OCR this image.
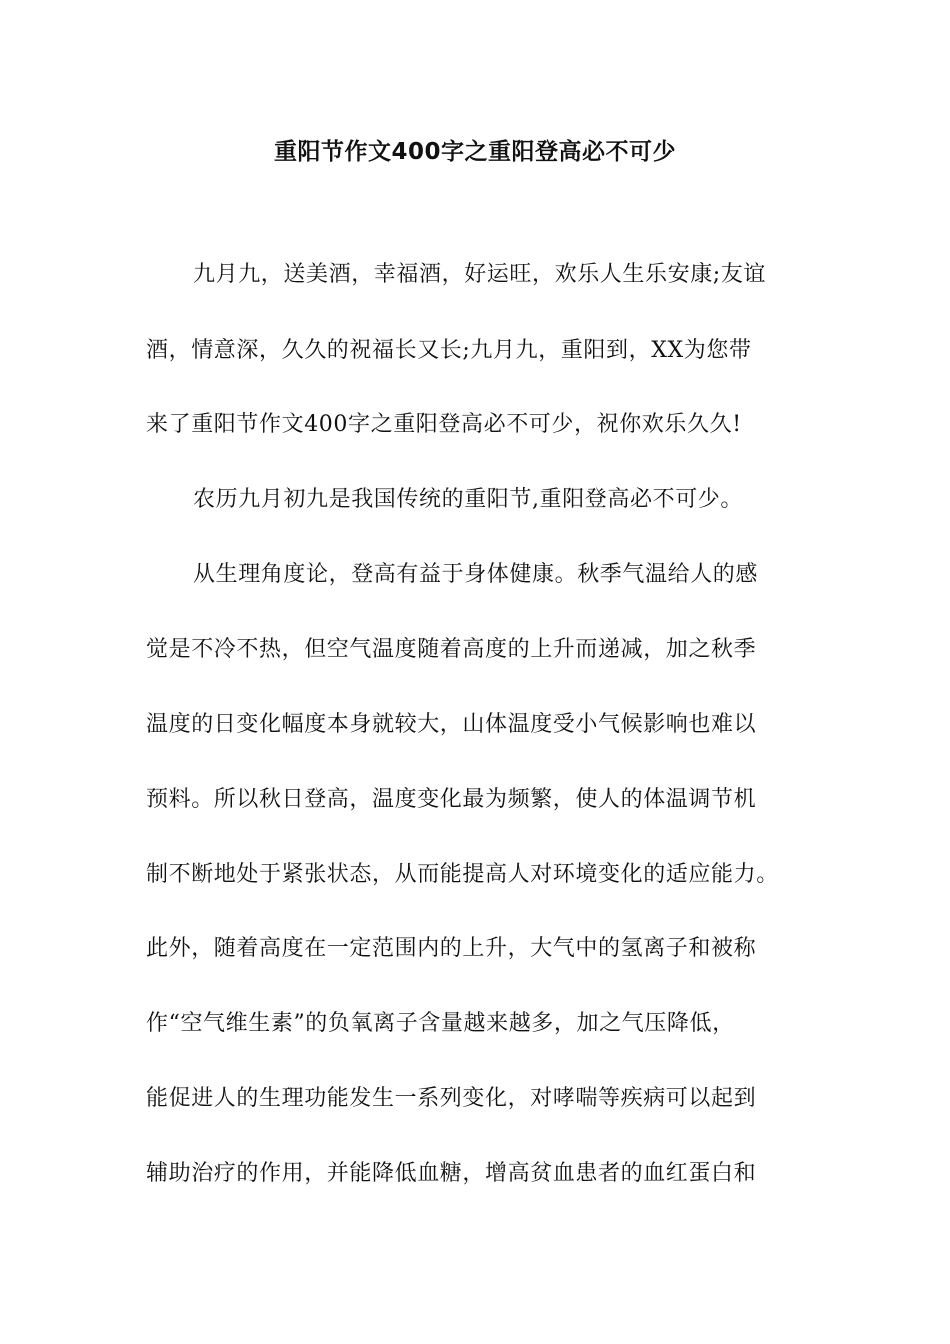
重阳节作文400字之重阳登高必不可少
九月九，送美酒，幸福酒，好运旺，欢乐人生乐安康;友谊
酒，情意深，久久的祝福长又长;九月九，重阳到，XX为您带
来了重阳节作文400字之重阳登高必不可少，祝你欢乐久久!
农历九月初九是我国传统的重阳节,重阳登高必不可少。
从生理角度论，登高有益于身体健康。秋季气温给人的感
觉是不冷不热，但空气温度随着高度的上升而递减，加之秋季
温度的日变化幅度本身就较大，山体温度受小气候影响也难以
预料。所以秋日登高，温度变化最为频繁，使人的体温调节机
制不断地处于紧张状态，从而能提高人对环境变化的适应能力。
此外，随着高度在一定范围内的上升，大气中的氢离子和被称
作“空气维生素”的负氧离子含量越来越多，加之气压降低，
能促进人的生理功能发生一系列变化，对哮喘等疾病可以起到
辅助治疗的作用，并能降低血糖，增高贫血患者的血红蛋白和
